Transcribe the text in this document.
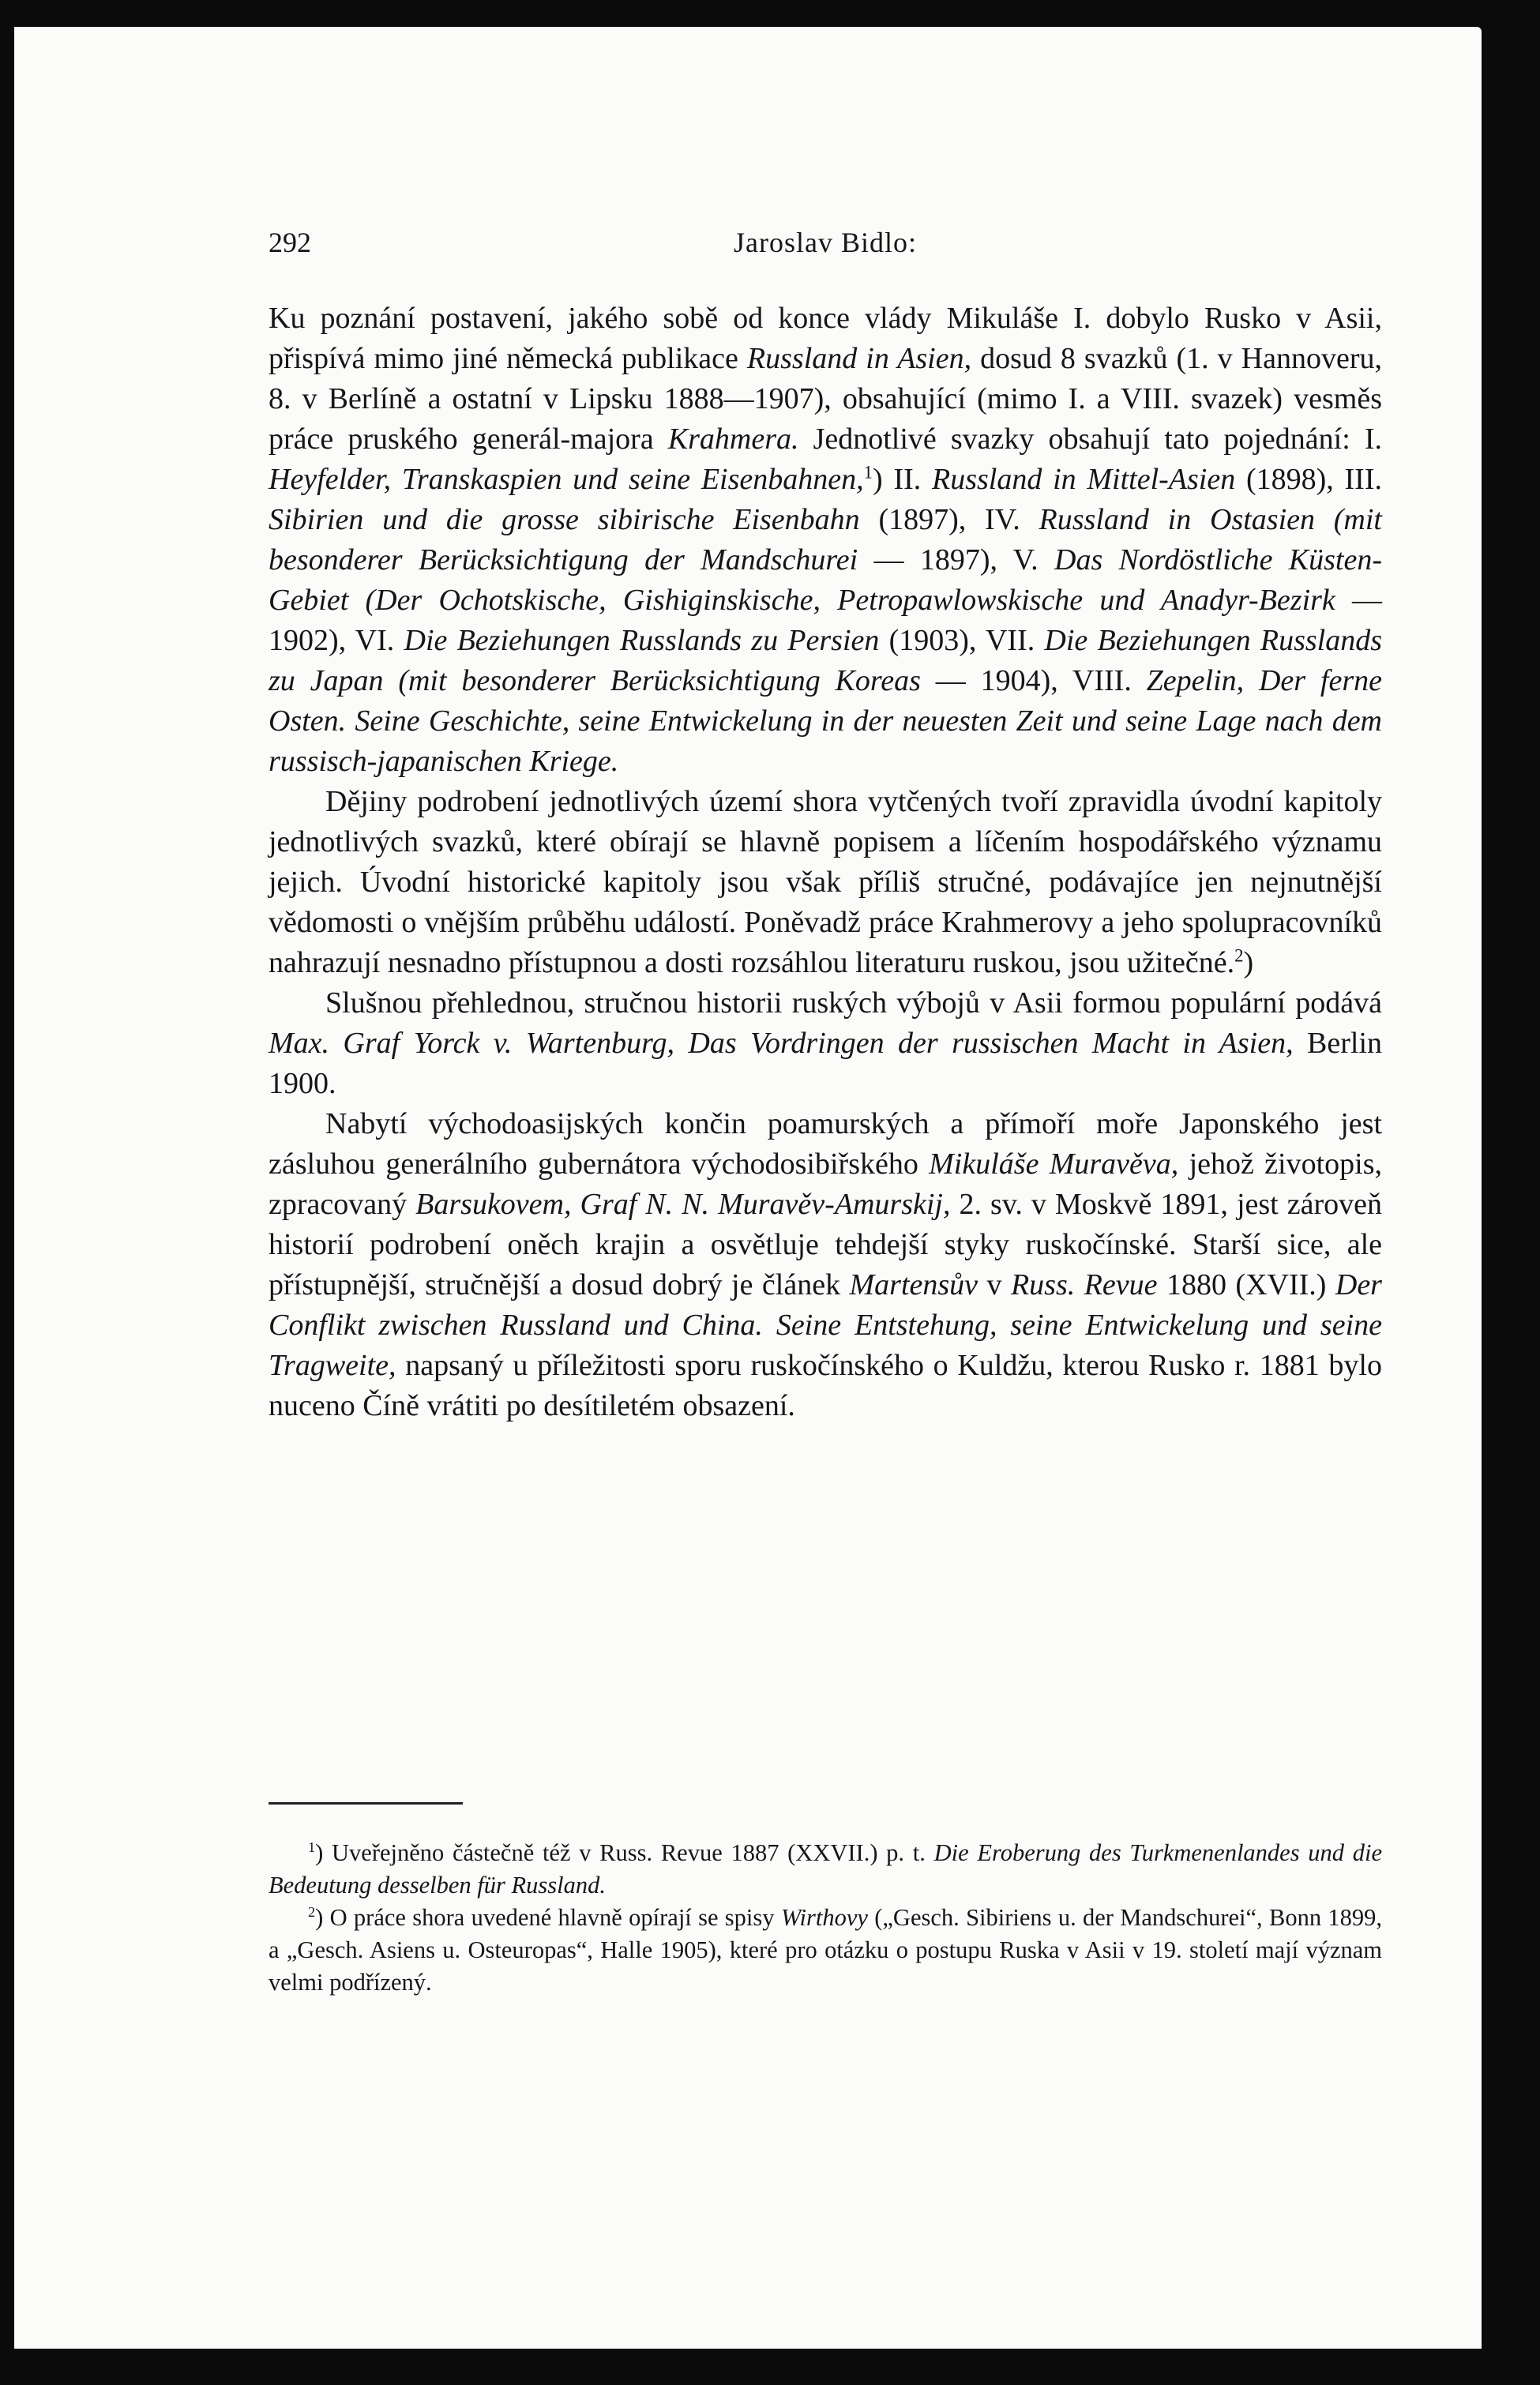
292	Jaroslav Bidlo:

Ku poznání postavení, jakého sobě od konce vlády Mikuláše I. dobylo Rusko v Asii, přispívá mimo jiné německá publikace Russland in Asien, dosud 8 svazků (1. v Hannoveru, 8. v Berlíně a ostatní v Lipsku 1888—1907), obsahující (mimo I. a VIII. svazek) vesměs práce pruského generál-majora Krahmera. Jednotlivé svazky obsahují tato pojednání: I. Heyfelder, Transkaspien und seine Eisenbahnen,$^1$) II. Russland in Mittel-Asien (1898), III. Sibirien und die grosse sibirische Eisenbahn (1897), IV. Russland in Ostasien (mit besonderer Berücksichtigung der Mandschurei — 1897), V. Das Nordöstliche Küsten-Gebiet (Der Ochotskische, Gishiginskische, Petropawlowskische und Anadyr-Bezirk — 1902), VI. Die Beziehungen Russlands zu Persien (1903), VII. Die Beziehungen Russlands zu Japan (mit besonderer Berücksichtigung Koreas — 1904), VIII. Zepelin, Der ferne Osten. Seine Geschichte, seine Entwickelung in der neuesten Zeit und seine Lage nach dem russisch-japanischen Kriege.

Dějiny podrobení jednotlivých území shora vytčených tvoří zpravidla úvodní kapitoly jednotlivých svazků, které obírají se hlavně popisem a líčením hospodářského významu jejich. Úvodní historické kapitoly jsou však příliš stručné, podávajíce jen nejnutnější vědomosti o vnějším průběhu událostí. Poněvadž práce Krahmerovy a jeho spolupracovníků nahrazují nesnadno přístupnou a dosti rozsáhlou literaturu ruskou, jsou užitečné.$^2$)

Slušnou přehlednou, stručnou historii ruských výbojů v Asii formou populární podává Max. Graf Yorck v. Wartenburg, Das Vordringen der russischen Macht in Asien, Berlin 1900.

Nabytí východoasijských končin poamurských a přímoří moře Japonského jest zásluhou generálního gubernátora východosibiřského Mikuláše Muravěva, jehož životopis, zpracovaný Barsukovem, Graf N. N. Muravěv-Amurskij, 2. sv. v Moskvě 1891, jest zároveň historií podrobení oněch krajin a osvětluje tehdejší styky ruskočínské. Starší sice, ale přístupnější, stručnější a dosud dobrý je článek Martensův v Russ. Revue 1880 (XVII.) Der Conflikt zwischen Russland und China. Seine Entstehung, seine Entwickelung und seine Tragweite, napsaný u příležitosti sporu ruskočínského o Kuldžu, kterou Rusko r. 1881 bylo nuceno Číně vrátiti po desítiletém obsazení.

$^1$) Uveřejněno částečně též v Russ. Revue 1887 (XXVII.) p. t. Die Eroberung des Turkmenenlandes und die Bedeutung desselben für Russland.

$^2$) O práce shora uvedené hlavně opírají se spisy Wirthovy („Gesch. Sibiriens u. der Mandschurei“, Bonn 1899, a „Gesch. Asiens u. Osteuropas“, Halle 1905), které pro otázku o postupu Ruska v Asii v 19. století mají význam velmi podřízený.
